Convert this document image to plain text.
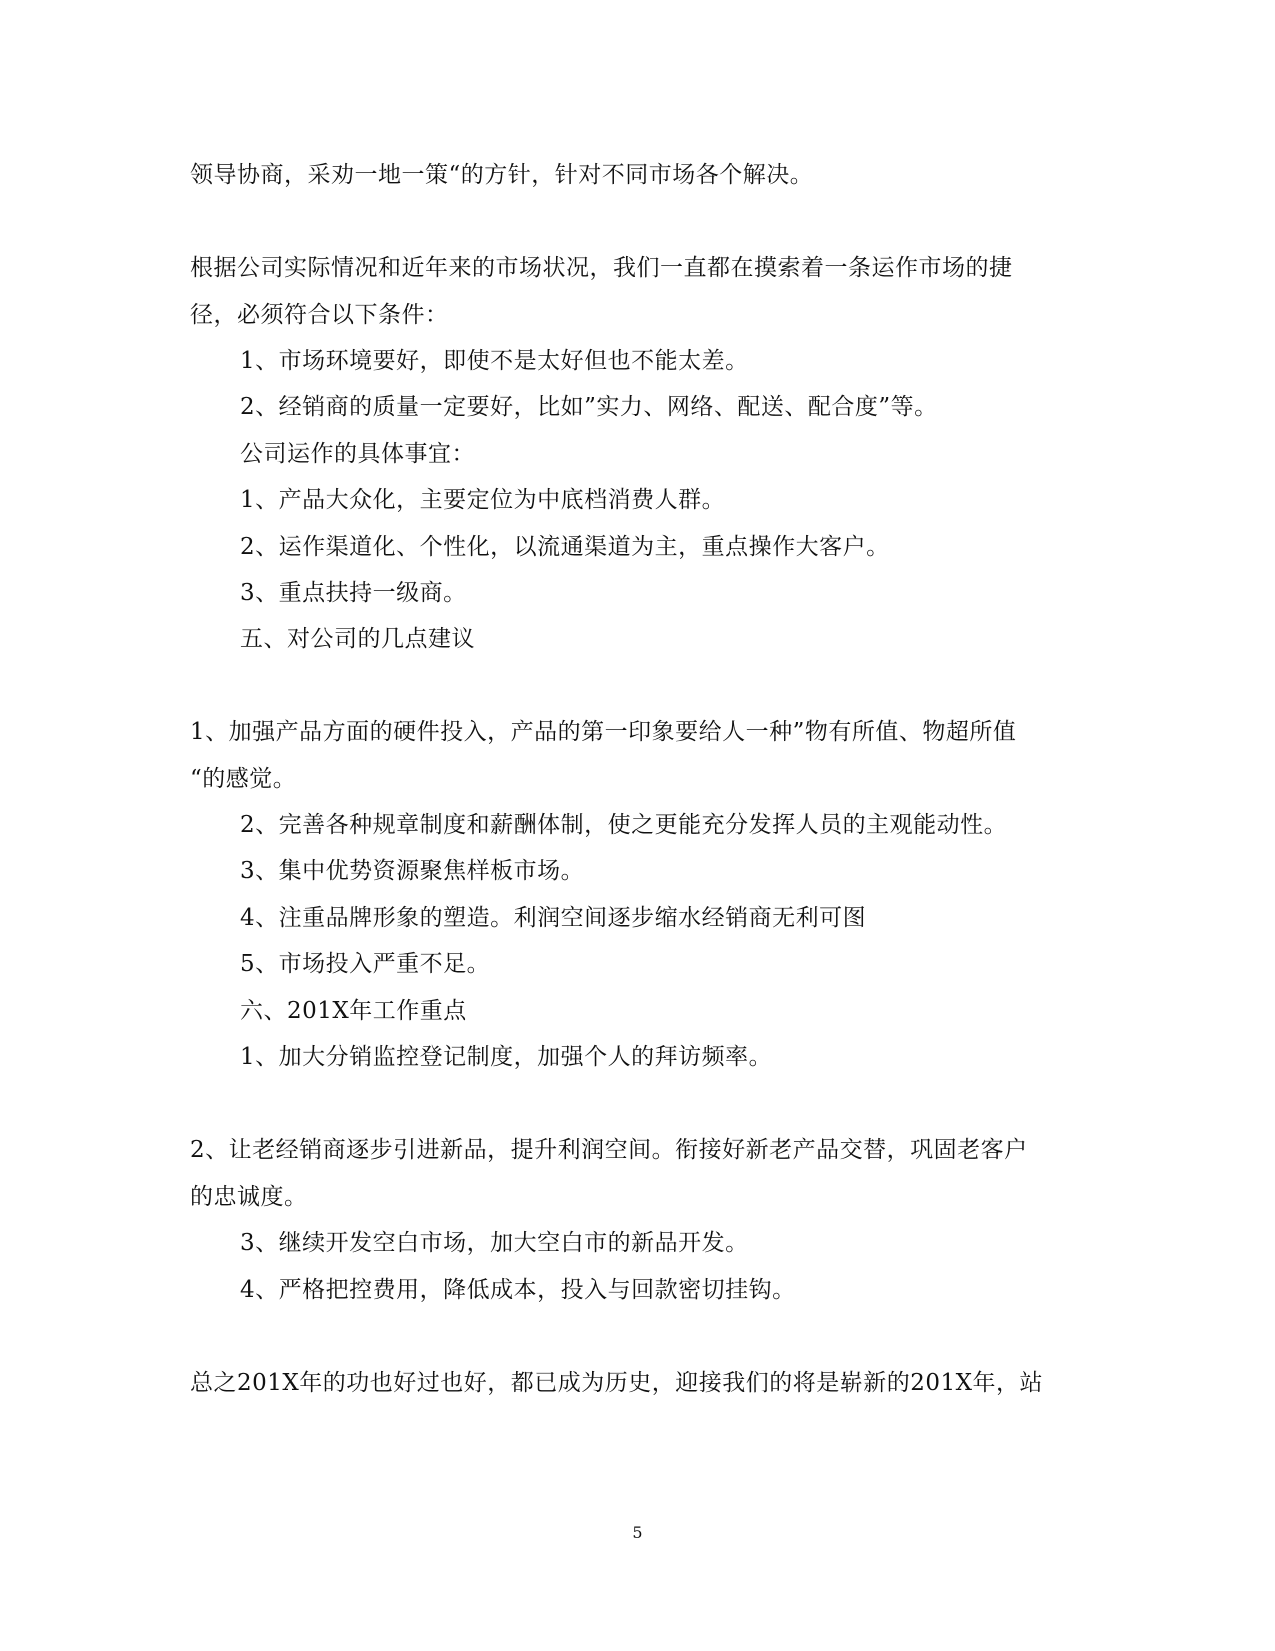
领导协商，采劝一地一策“的方针，针对不同市场各个解决。
根据公司实际情况和近年来的市场状况，我们一直都在摸索着一条运作市场的捷
径，必须符合以下条件：
1、市场环境要好，即使不是太好但也不能太差。
2、经销商的质量一定要好，比如”实力、网络、配送、配合度”等。
公司运作的具体事宜：
1、产品大众化，主要定位为中底档消费人群。
2、运作渠道化、个性化，以流通渠道为主，重点操作大客户。
3、重点扶持一级商。
五、对公司的几点建议
1、加强产品方面的硬件投入，产品的第一印象要给人一种”物有所值、物超所值
“的感觉。
2、完善各种规章制度和薪酬体制，使之更能充分发挥人员的主观能动性。
3、集中优势资源聚焦样板市场。
4、注重品牌形象的塑造。利润空间逐步缩水经销商无利可图
5、市场投入严重不足。
六、201X年工作重点
1、加大分销监控登记制度，加强个人的拜访频率。
2、让老经销商逐步引进新品，提升利润空间。衔接好新老产品交替，巩固老客户
的忠诚度。
3、继续开发空白市场，加大空白市的新品开发。
4、严格把控费用，降低成本，投入与回款密切挂钩。
总之201X年的功也好过也好，都已成为历史，迎接我们的将是崭新的201X年，站
5
